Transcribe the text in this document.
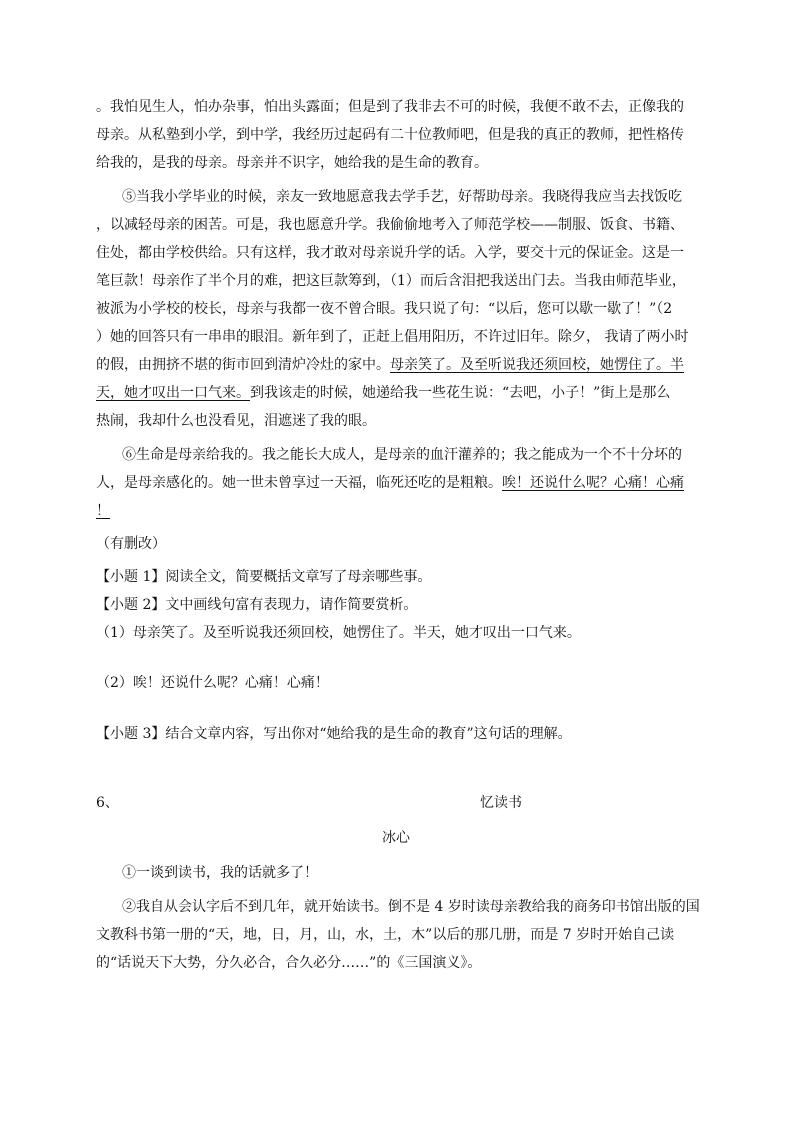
。我怕见生人，怕办杂事，怕出头露面；但是到了我非去不可的时候，我便不敢不去，正像我的
母亲。从私塾到小学，到中学，我经历过起码有二十位教师吧，但是我的真正的教师，把性格传
给我的，是我的母亲。母亲并不识字，她给我的是生命的教育。
⑤当我小学毕业的时候，亲友一致地愿意我去学手艺，好帮助母亲。我晓得我应当去找饭吃
，以减轻母亲的困苦。可是，我也愿意升学。我偷偷地考入了师范学校——制服、饭食、书籍、
住处，都由学校供给。只有这样，我才敢对母亲说升学的话。入学，要交十元的保证金。这是一
笔巨款！母亲作了半个月的难，把这巨款筹到，（1）而后含泪把我送出门去。当我由师范毕业，
被派为小学校的校长，母亲与我都一夜不曾合眼。我只说了句：“以后，您可以歇一歇了！”（2
）她的回答只有一串串的眼泪。新年到了，正赶上倡用阳历，不许过旧年。除夕， 我请了两小时
的假，由拥挤不堪的街市回到清炉冷灶的家中。母亲笑了。及至听说我还须回校，她愣住了。半
天，她才叹出一口气来。到我该走的时候，她递给我一些花生说：“去吧，小子！”街上是那么
热闹，我却什么也没看见，泪遮迷了我的眼。
⑥生命是母亲给我的。我之能长大成人，是母亲的血汗灌养的；我之能成为一个不十分坏的
人，是母亲感化的。她一世未曾享过一天福，临死还吃的是粗粮。唉！还说什么呢？心痛！心痛
！
（有删改）
【小题 1】阅读全文，简要概括文章写了母亲哪些事。
【小题 2】文中画线句富有表现力，请作简要赏析。
（1）母亲笑了。及至听说我还须回校，她愣住了。半天，她才叹出一口气来。
（2）唉！还说什么呢？心痛！心痛！
【小题 3】结合文章内容，写出你对“她给我的是生命的教育”这句话的理解。
6、	忆读书
冰心
①一谈到读书，我的话就多了！
②我自从会认字后不到几年，就开始读书。倒不是 4 岁时读母亲教给我的商务印书馆出版的国
文教科书第一册的“天，地，日，月，山，水，土，木”以后的那几册，而是 7 岁时开始自己读
的“话说天下大势，分久必合，合久必分……”的《三国演义》。
